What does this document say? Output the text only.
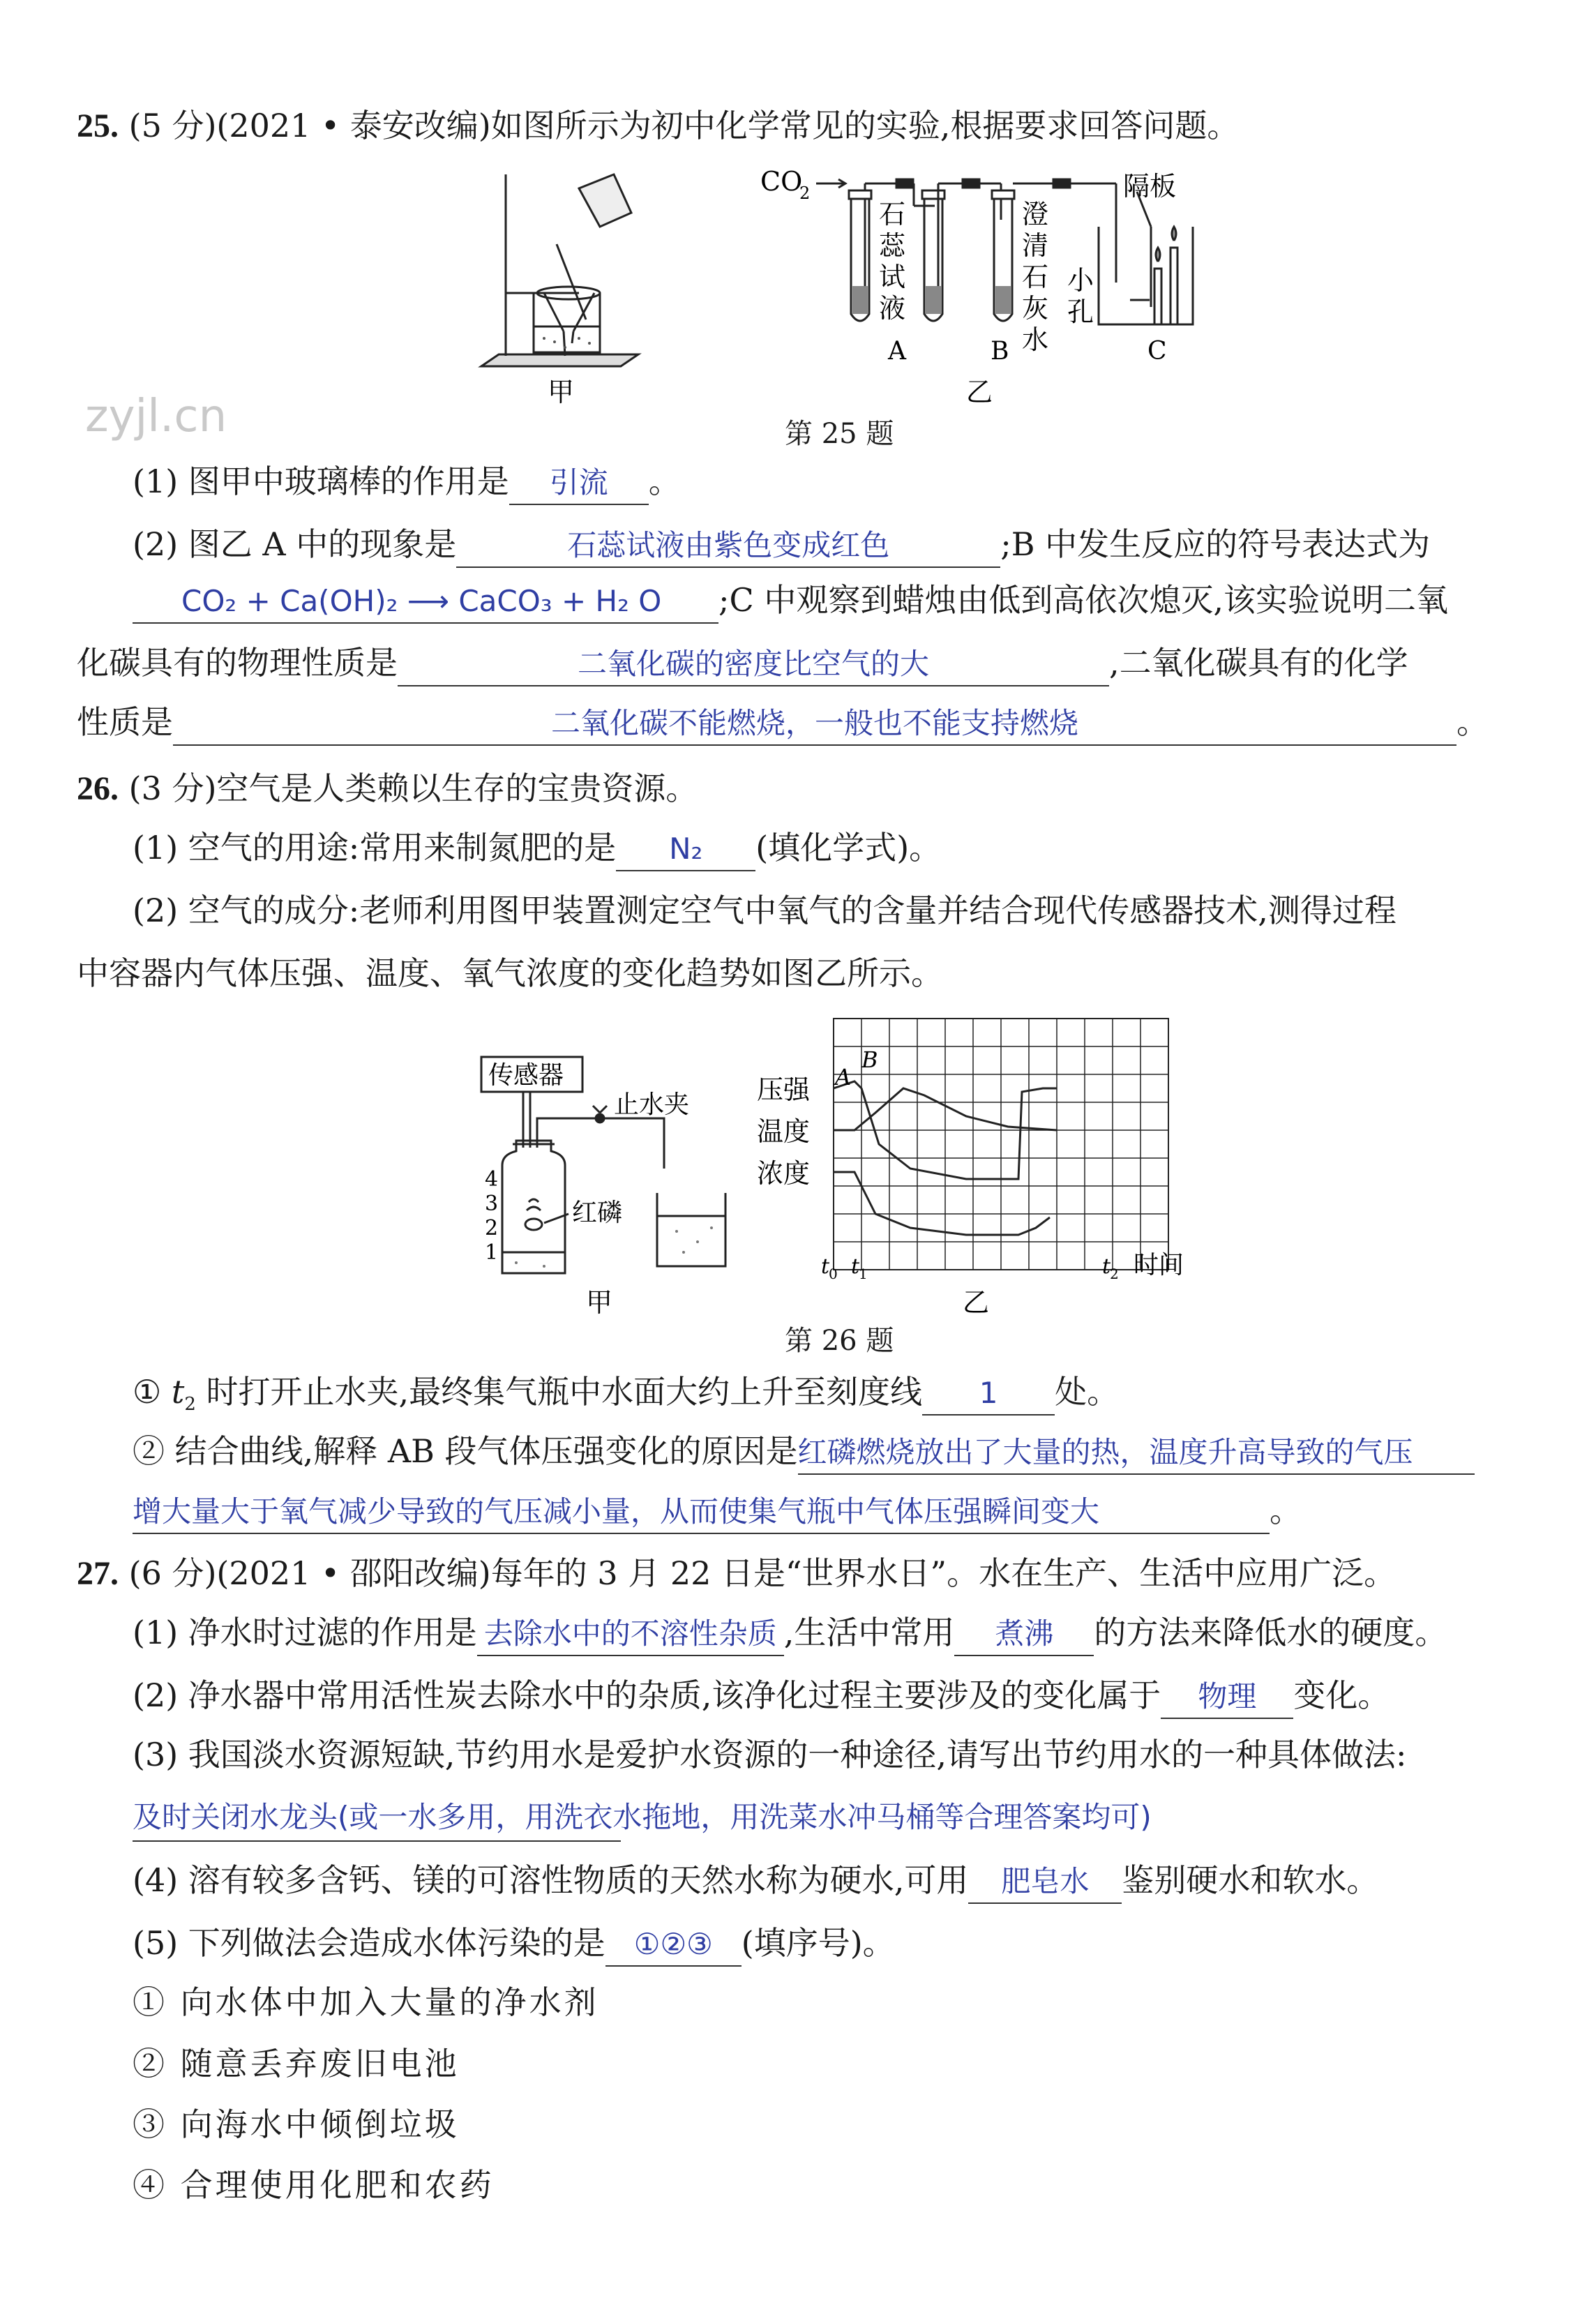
zyjl.cn
25. (5 分)(2021 • 泰安改编)如图所示为初中化学常见的实验,根据要求回答问题。
甲
CO
2
石
蕊
试
液
澄
清
石
灰
水
小
孔
隔板
A	B	C
乙
第 25 题
(1) 图甲中玻璃棒的作用是 引流 。
(2) 图乙 A 中的现象是	石蕊试液由紫色变成红色	;B 中发生反应的符号表达式为
CO₂ + Ca(OH)₂ ⟶ CaCO₃ + H₂ O ;C 中观察到蜡烛由低到高依次熄灭,该实验说明二氧
化碳具有的物理性质是	二氧化碳的密度比空气的大	,二氧化碳具有的化学
性质是	二氧化碳不能燃烧，一般也不能支持燃烧	。
26. (3 分)空气是人类赖以生存的宝贵资源。
(1) 空气的用途:常用来制氮肥的是 N₂ (填化学式)。
(2) 空气的成分:老师利用图甲装置测定空气中氧气的含量并结合现代传感器技术,测得过程
中容器内气体压强、温度、氧气浓度的变化趋势如图乙所示。
传感器
止水夹
红磷
4
3
2
1
甲
压强
温度
浓度
A
B
t
0 t
1	t
2 时间
乙
第 26 题
① $t_2$ 时打开止水夹,最终集气瓶中水面大约上升至刻度线 1 处。
② 结合曲线,解释 AB 段气体压强变化的原因是红磷燃烧放出了大量的热，温度升高导致的气压
增大量大于氧气减少导致的气压减小量，从而使集气瓶中气体压强瞬间变大	。
27. (6 分)(2021 • 邵阳改编)每年的 3 月 22 日是“世界水日”。水在生产、生活中应用广泛。
(1) 净水时过滤的作用是 去除水中的不溶性杂质 ,生活中常用 煮沸 的方法来降低水的硬度。
(2) 净水器中常用活性炭去除水中的杂质,该净化过程主要涉及的变化属于 物理 变化。
(3) 我国淡水资源短缺,节约用水是爱护水资源的一种途径,请写出节约用水的一种具体做法:
及时关闭水龙头(或一水多用，用洗衣水拖地，用洗菜水冲马桶等合理答案均可)
(4) 溶有较多含钙、镁的可溶性物质的天然水称为硬水,可用 肥皂水 鉴别硬水和软水。
(5) 下列做法会造成水体污染的是 ①②③ (填序号)。
① 向水体中加入大量的净水剂
② 随意丢弃废旧电池
③ 向海水中倾倒垃圾
④ 合理使用化肥和农药
